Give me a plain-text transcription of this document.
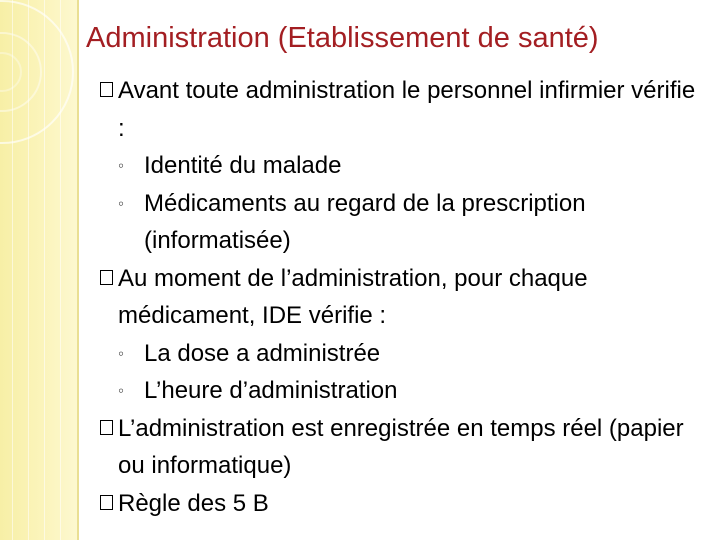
Administration (Etablissement de santé)
Avant toute administration le personnel infirmier vérifie :
◦ Identité du malade
◦ Médicaments au regard de la prescription (informatisée)
Au moment de l’administration, pour chaque médicament, IDE vérifie :
◦ La dose a administrée
◦ L’heure d’administration
L’administration est enregistrée en temps réel (papier ou informatique)
Règle des 5 B
